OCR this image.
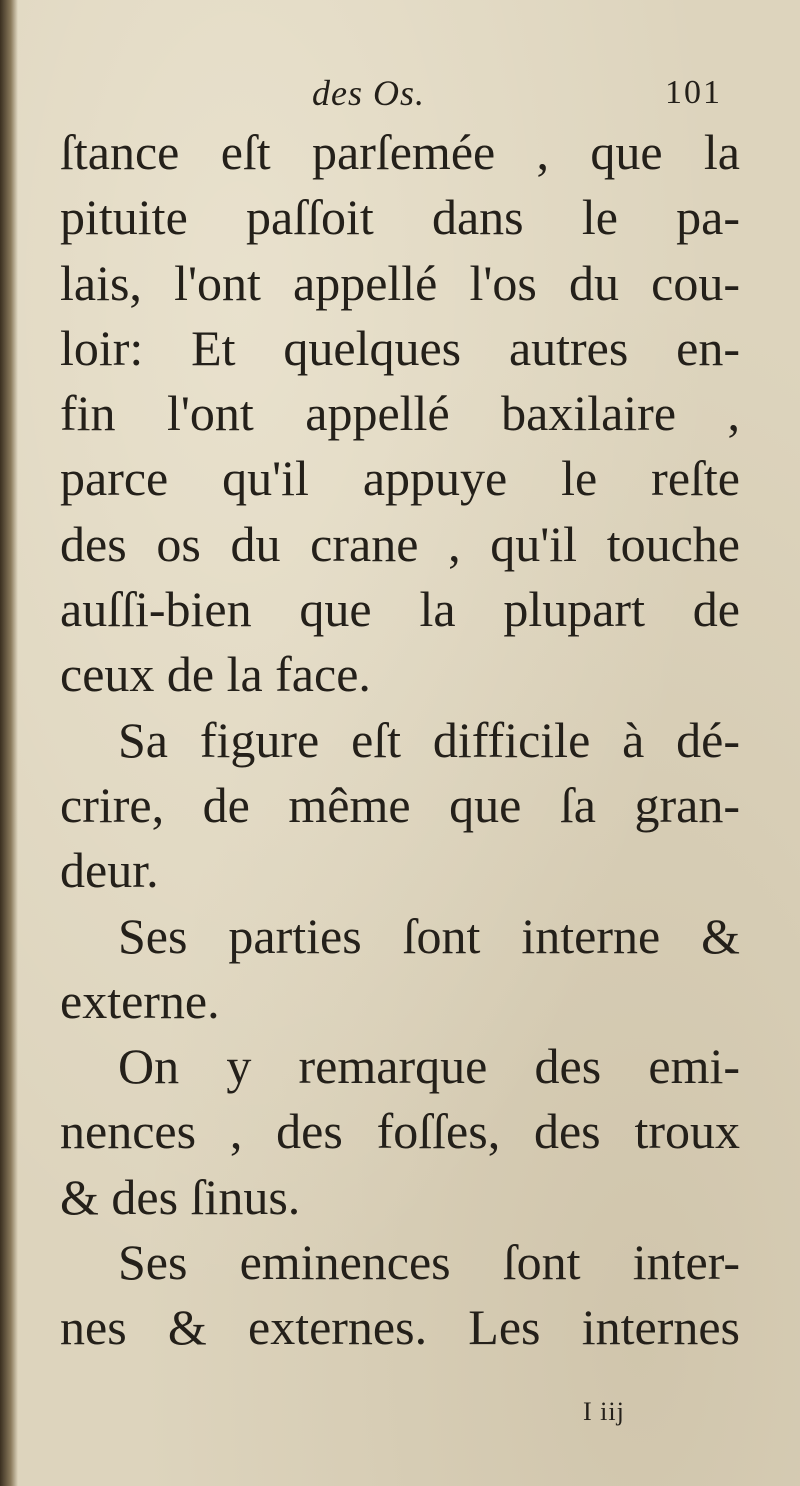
des Os.	101
ſtance eſt parſemée , que la
pituite paſſoit dans le pa-
lais, l'ont appellé l'os du cou-
loir: Et quelques autres en-
fin l'ont appellé baxilaire ,
parce qu'il appuye le reſte
des os du crane , qu'il touche
auſſi-bien que la plupart de
ceux de la face.
Sa figure eſt difficile à dé-
crire, de même que ſa gran-
deur.
Ses parties ſont interne &
externe.
On y remarque des emi-
nences , des foſſes, des troux
& des ſinus.
Ses eminences ſont inter-
nes & externes. Les internes
I iij
